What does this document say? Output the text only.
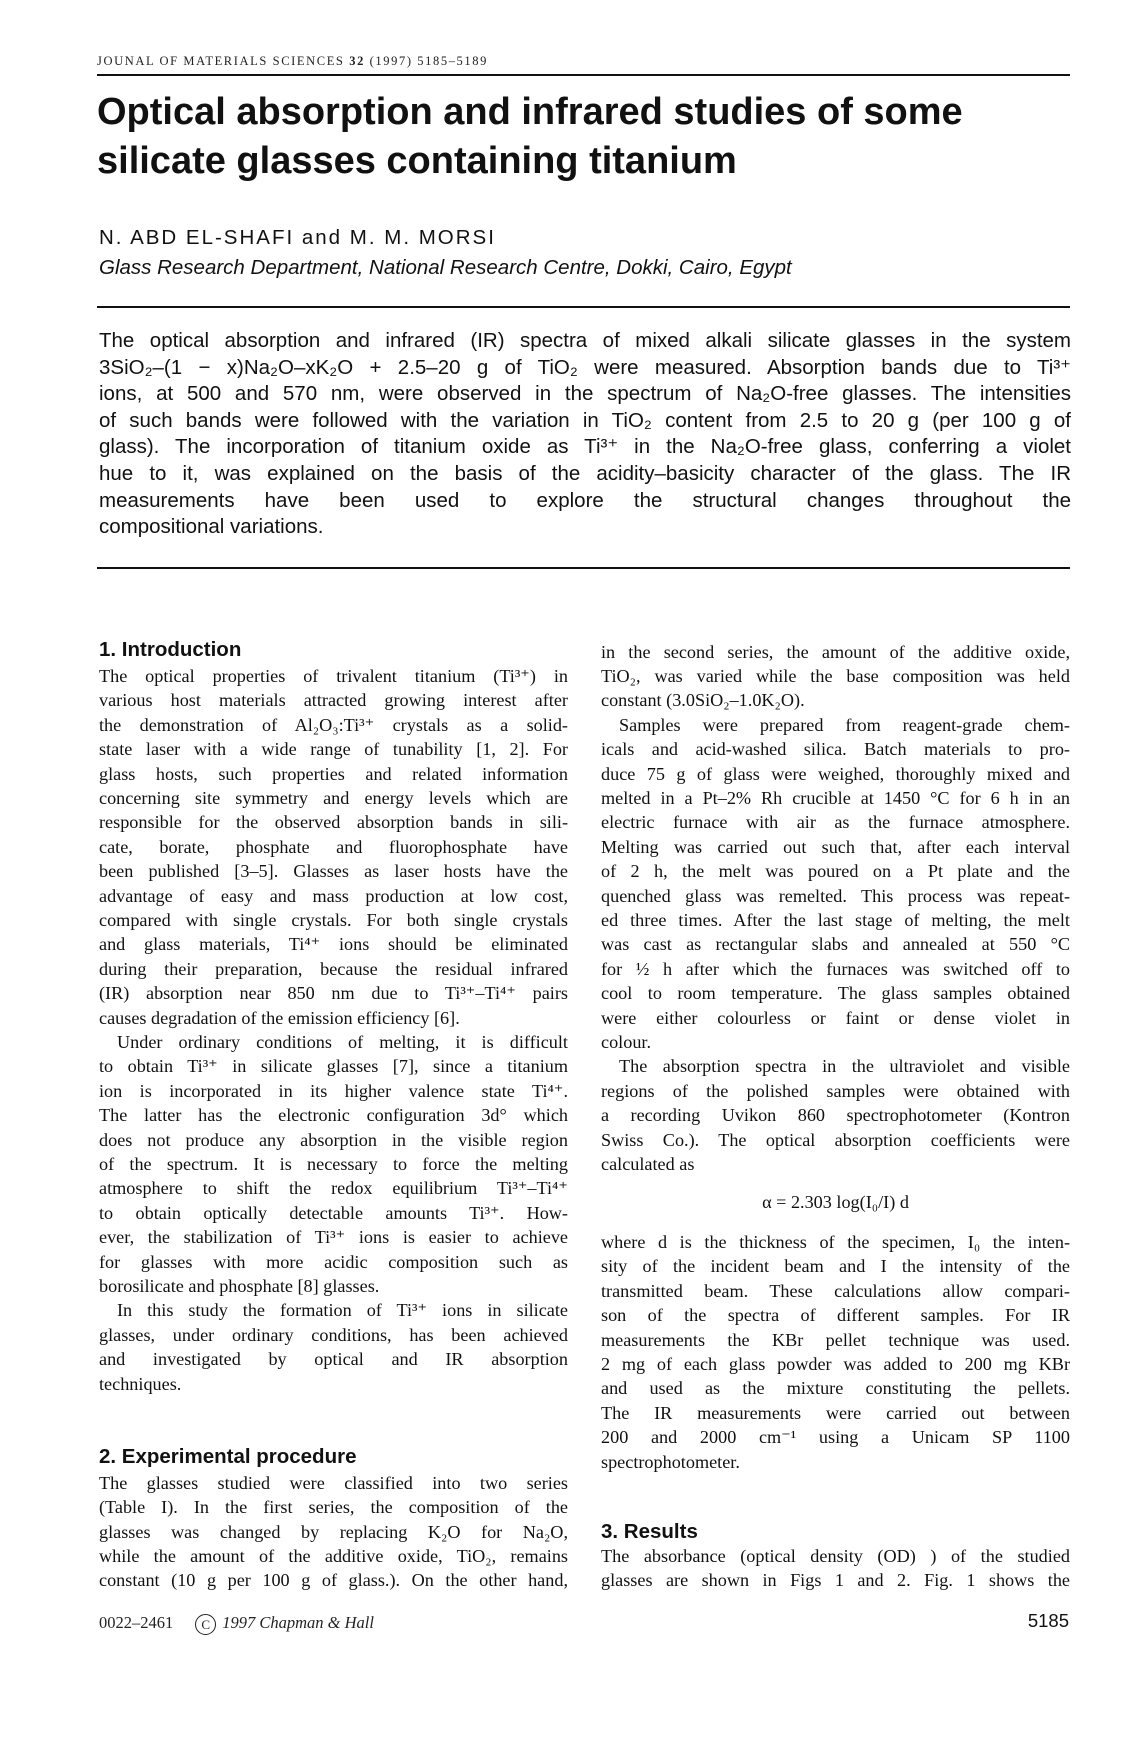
JOUNAL OF MATERIALS SCIENCES 32 (1997) 5185–5189
Optical absorption and infrared studies of some
silicate glasses containing titanium

N. ABD EL-SHAFI and M. M. MORSI

Glass Research Department, National Research Centre, Dokki, Cairo, Egypt

The optical absorption and infrared (IR) spectra of mixed alkali silicate glasses in the system
3SiO₂–(1 − x)Na₂O–xK₂O + 2.5–20 g of TiO₂ were measured. Absorption bands due to Ti³⁺
ions, at 500 and 570 nm, were observed in the spectrum of Na₂O-free glasses. The intensities
of such bands were followed with the variation in TiO₂ content from 2.5 to 20 g (per 100 g of
glass). The incorporation of titanium oxide as Ti³⁺ in the Na₂O-free glass, conferring a violet
hue to it, was explained on the basis of the acidity–basicity character of the glass. The IR
measurements have been used to explore the structural changes throughout the
compositional variations.
1. Introduction
The optical properties of trivalent titanium (Ti³⁺) in
various host materials attracted growing interest after
the demonstration of Al₂O₃:Ti³⁺ crystals as a solid-
state laser with a wide range of tunability [1, 2]. For
glass hosts, such properties and related information
concerning site symmetry and energy levels which are
responsible for the observed absorption bands in sili-
cate, borate, phosphate and fluorophosphate have
been published [3–5]. Glasses as laser hosts have the
advantage of easy and mass production at low cost,
compared with single crystals. For both single crystals
and glass materials, Ti⁴⁺ ions should be eliminated
during their preparation, because the residual infrared
(IR) absorption near 850 nm due to Ti³⁺–Ti⁴⁺ pairs
causes degradation of the emission efficiency [6].
Under ordinary conditions of melting, it is difficult
to obtain Ti³⁺ in silicate glasses [7], since a titanium
ion is incorporated in its higher valence state Ti⁴⁺.
The latter has the electronic configuration 3d° which
does not produce any absorption in the visible region
of the spectrum. It is necessary to force the melting
atmosphere to shift the redox equilibrium Ti³⁺–Ti⁴⁺
to obtain optically detectable amounts Ti³⁺. How-
ever, the stabilization of Ti³⁺ ions is easier to achieve
for glasses with more acidic composition such as
borosilicate and phosphate [8] glasses.
In this study the formation of Ti³⁺ ions in silicate
glasses, under ordinary conditions, has been achieved
and investigated by optical and IR absorption
techniques.
2. Experimental procedure
The glasses studied were classified into two series
(Table I). In the first series, the composition of the
glasses was changed by replacing K₂O for Na₂O,
while the amount of the additive oxide, TiO₂, remains
constant (10 g per 100 g of glass.). On the other hand,
in the second series, the amount of the additive oxide,
TiO₂, was varied while the base composition was held
constant (3.0SiO₂–1.0K₂O).
Samples were prepared from reagent-grade chem-
icals and acid-washed silica. Batch materials to pro-
duce 75 g of glass were weighed, thoroughly mixed and
melted in a Pt–2% Rh crucible at 1450 °C for 6 h in an
electric furnace with air as the furnace atmosphere.
Melting was carried out such that, after each interval
of 2 h, the melt was poured on a Pt plate and the
quenched glass was remelted. This process was repeat-
ed three times. After the last stage of melting, the melt
was cast as rectangular slabs and annealed at 550 °C
for ½ h after which the furnaces was switched off to
cool to room temperature. The glass samples obtained
were either colourless or faint or dense violet in
colour.
The absorption spectra in the ultraviolet and visible
regions of the polished samples were obtained with
a recording Uvikon 860 spectrophotometer (Kontron
Swiss Co.). The optical absorption coefficients were
calculated as
α = 2.303 log(I₀/I) d
where d is the thickness of the specimen, I₀ the inten-
sity of the incident beam and I the intensity of the
transmitted beam. These calculations allow compari-
son of the spectra of different samples. For IR
measurements the KBr pellet technique was used.
2 mg of each glass powder was added to 200 mg KBr
and used as the mixture constituting the pellets.
The IR measurements were carried out between
200 and 2000 cm⁻¹ using a Unicam SP 1100
spectrophotometer.
3. Results
The absorbance (optical density (OD) ) of the studied
glasses are shown in Figs 1 and 2. Fig. 1 shows the
0022–2461 C 1997 Chapman & Hall	5185
